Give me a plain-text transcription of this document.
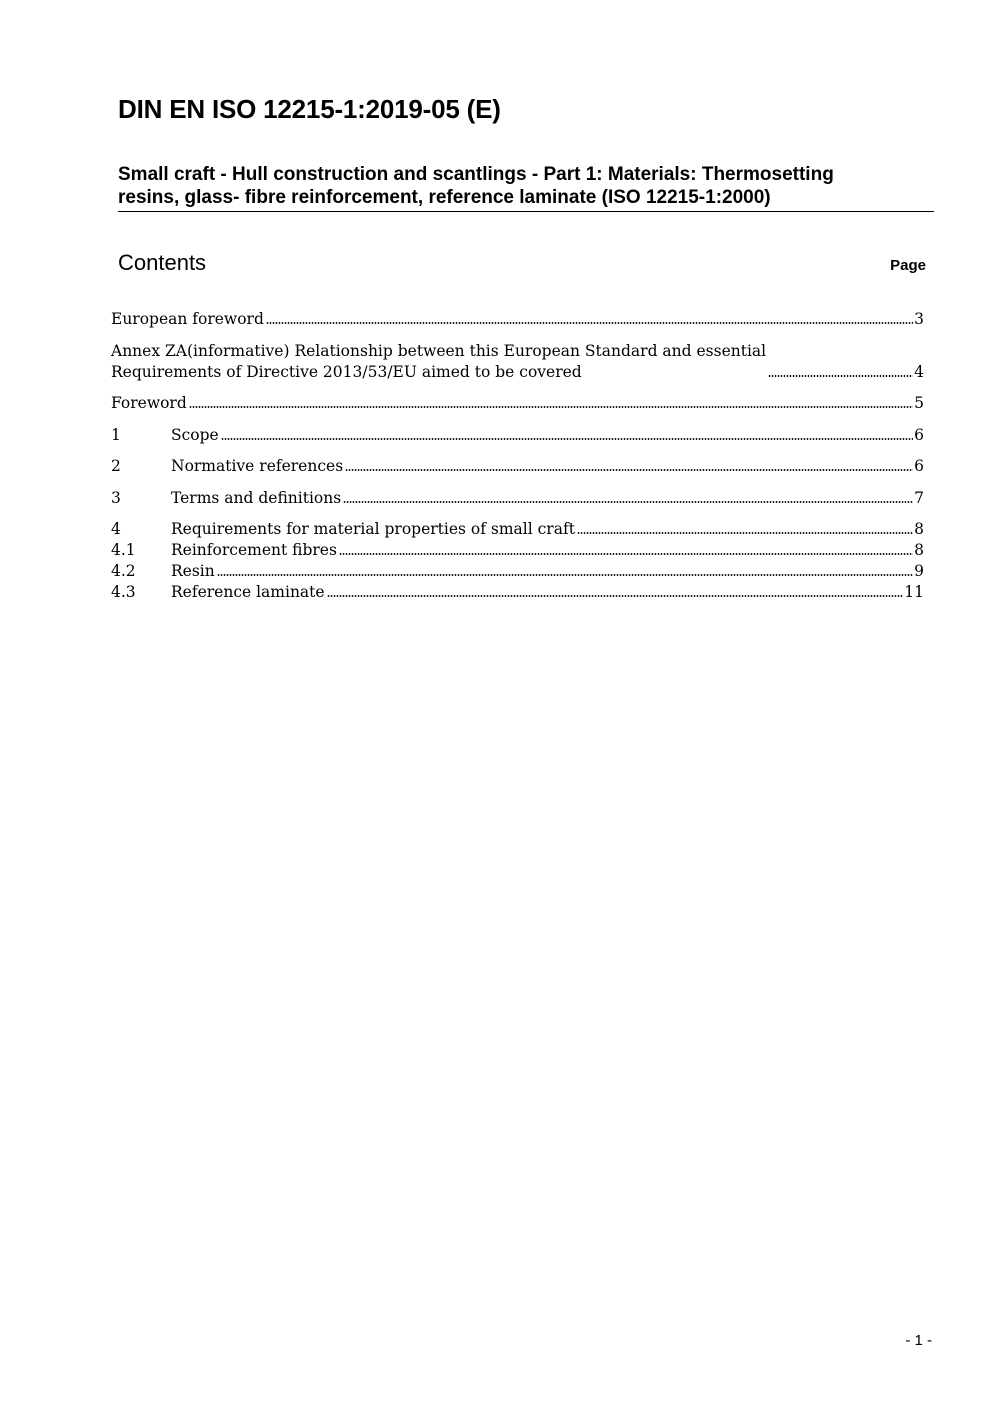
DIN EN ISO 12215-1:2019-05 (E)
Small craft - Hull construction and scantlings - Part 1: Materials: Thermosetting
resins, glass- fibre reinforcement, reference laminate (ISO 12215-1:2000)
Contents	Page
European foreword	3
Annex ZA(informative) Relationship between this European Standard and essential
Requirements of Directive 2013/53/EU aimed to be covered	4
Foreword	5
1	Scope	6
2	Normative references	6
3	Terms and definitions	7
4	Requirements for material properties of small craft	8
4.1	Reinforcement fibres	8
4.2	Resin	9
4.3	Reference laminate	11
- 1 -
